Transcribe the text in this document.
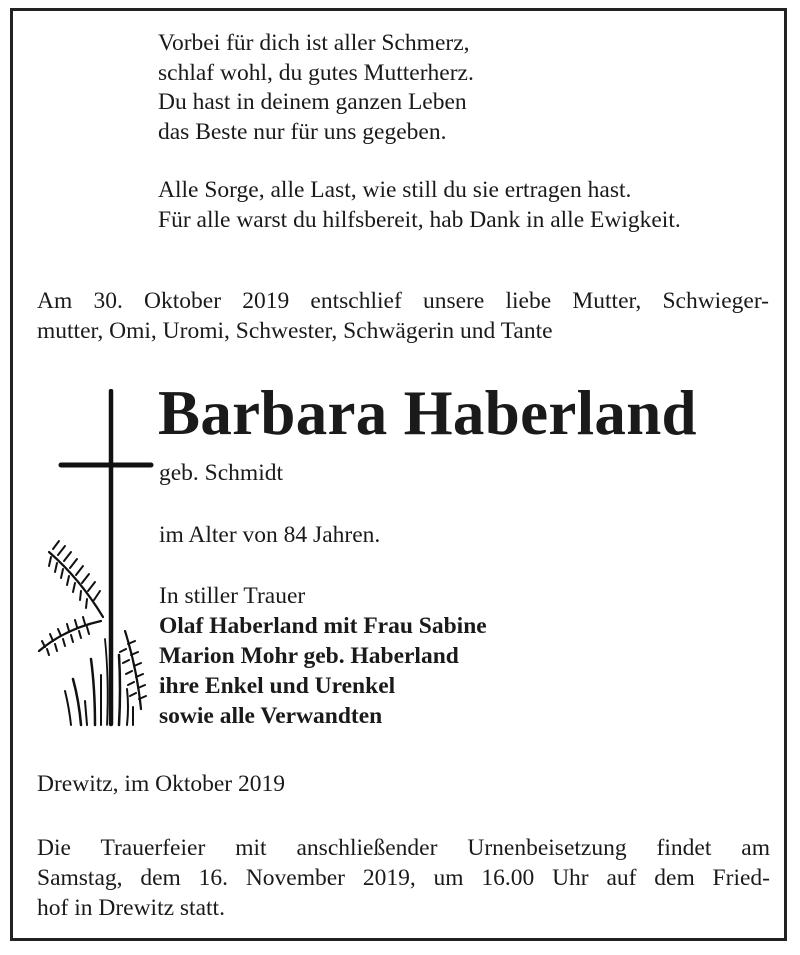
Vorbei für dich ist aller Schmerz,
schlaf wohl, du gutes Mutterherz.
Du hast in deinem ganzen Leben
das Beste nur für uns gegeben.
Alle Sorge, alle Last, wie still du sie ertragen hast.
Für alle warst du hilfsbereit, hab Dank in alle Ewigkeit.
Am 30. Oktober 2019 entschlief unsere liebe Mutter, Schwieger-
mutter, Omi, Uromi, Schwester, Schwägerin und Tante
Barbara Haberland
geb. Schmidt
im Alter von 84 Jahren.
In stiller Trauer
Olaf Haberland mit Frau Sabine
Marion Mohr geb. Haberland
ihre Enkel und Urenkel
sowie alle Verwandten
Drewitz, im Oktober 2019
Die Trauerfeier mit anschließender Urnenbeisetzung findet am
Samstag, dem 16. November 2019, um 16.00 Uhr auf dem Fried-
hof in Drewitz statt.
